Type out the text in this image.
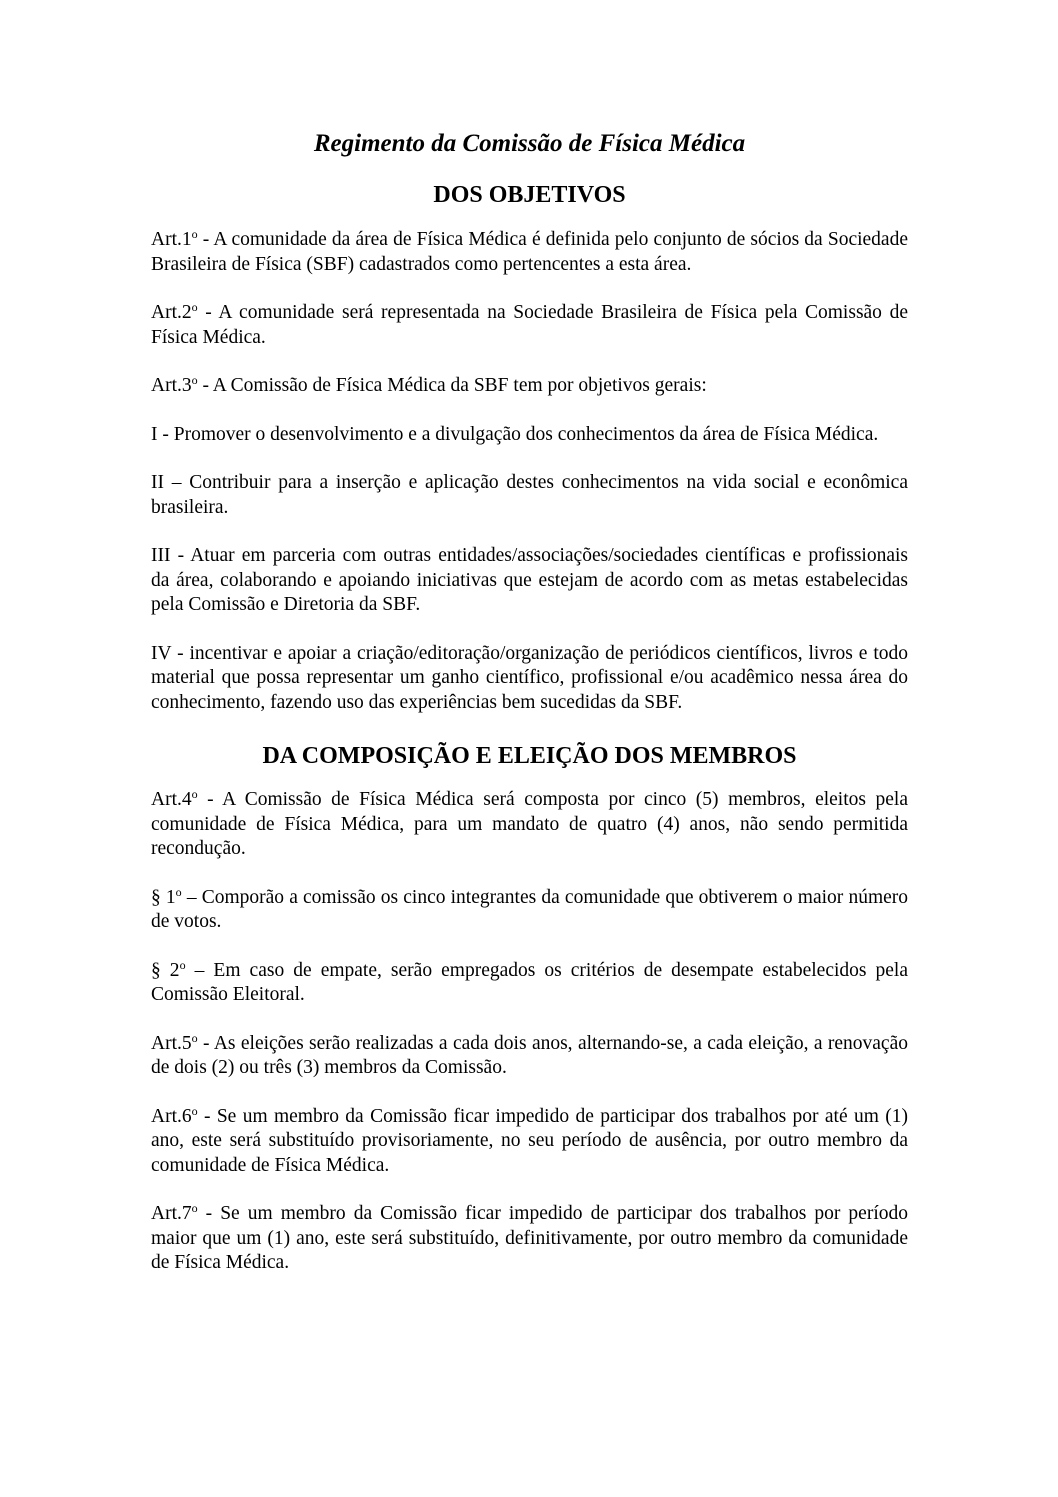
Regimento da Comissão de Física Médica
DOS OBJETIVOS

Art.1$^o$ - A comunidade da área de Física Médica é definida pelo conjunto de sócios da Sociedade Brasileira de Física (SBF) cadastrados como pertencentes a esta área.

Art.2$^o$ - A comunidade será representada na Sociedade Brasileira de Física pela Comissão de Física Médica.

Art.3$^o$ - A Comissão de Física Médica da SBF tem por objetivos gerais:

I - Promover o desenvolvimento e a divulgação dos conhecimentos da área de Física Médica.

II – Contribuir para a inserção e aplicação destes conhecimentos na vida social e econômica brasileira.

III - Atuar em parceria com outras entidades/associações/sociedades científicas e profissionais da área, colaborando e apoiando iniciativas que estejam de acordo com as metas estabelecidas pela Comissão e Diretoria da SBF.

IV - incentivar e apoiar a criação/editoração/organização de periódicos científicos, livros e todo material que possa representar um ganho científico, profissional e/ou acadêmico nessa área do conhecimento, fazendo uso das experiências bem sucedidas da SBF.

DA COMPOSIÇÃO E ELEIÇÃO DOS MEMBROS

Art.4$^o$ - A Comissão de Física Médica será composta por cinco (5) membros, eleitos pela comunidade de Física Médica, para um mandato de quatro (4) anos, não sendo permitida recondução.

§ 1$^o$ – Comporão a comissão os cinco integrantes da comunidade que obtiverem o maior número de votos.

§ 2$^o$ – Em caso de empate, serão empregados os critérios de desempate estabelecidos pela Comissão Eleitoral.

Art.5$^o$ - As eleições serão realizadas a cada dois anos, alternando-se, a cada eleição, a renovação de dois (2) ou três (3) membros da Comissão.

Art.6$^o$ - Se um membro da Comissão ficar impedido de participar dos trabalhos por até um (1) ano, este será substituído provisoriamente, no seu período de ausência, por outro membro da comunidade de Física Médica.

Art.7$^o$ - Se um membro da Comissão ficar impedido de participar dos trabalhos por período maior que um (1) ano, este será substituído, definitivamente, por outro membro da comunidade de Física Médica.
